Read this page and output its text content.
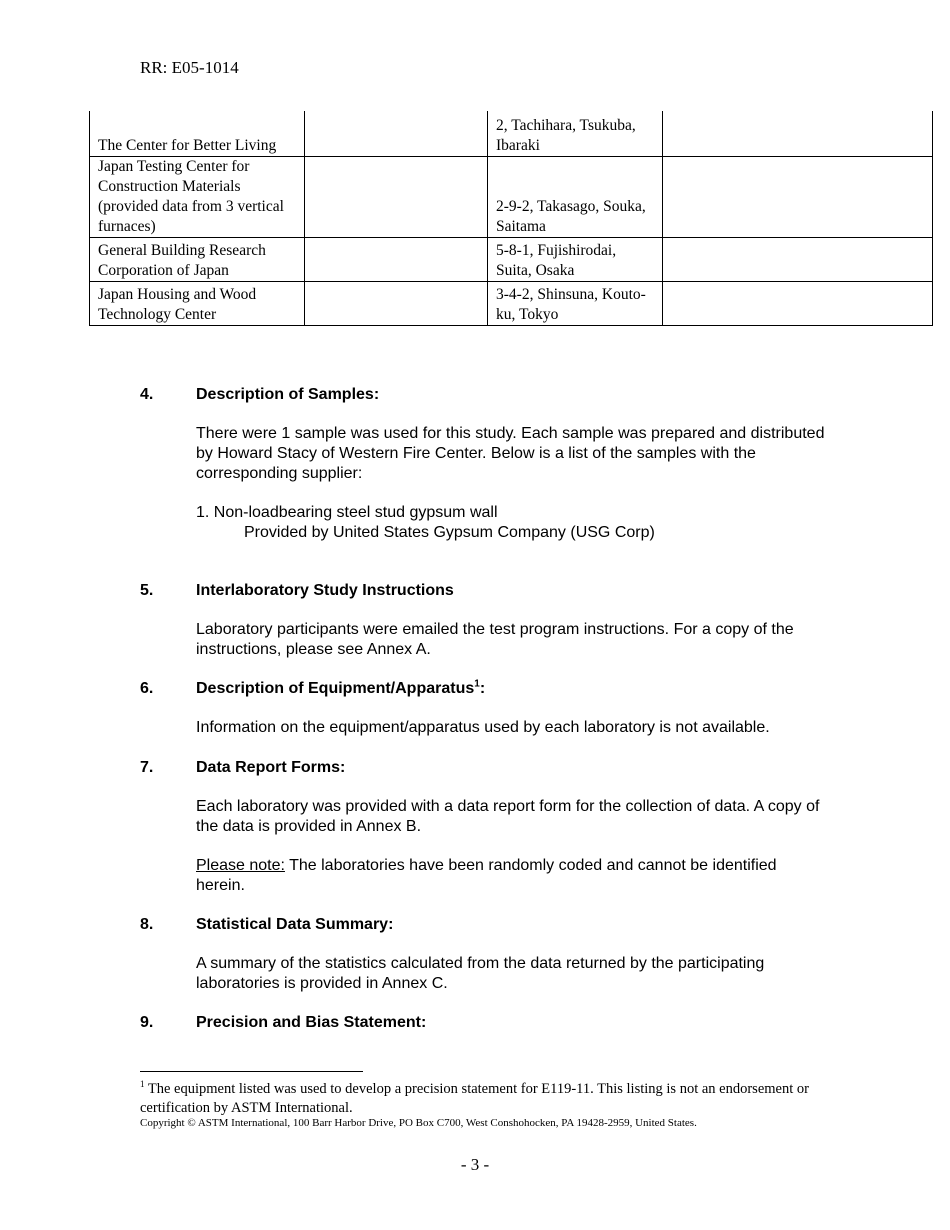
RR: E05-1014
The Center for Better Living		2, Tachihara, Tsukuba, Ibaraki	
Japan Testing Center for Construction Materials (provided data from 3 vertical furnaces)		2-9-2, Takasago, Souka, Saitama	
General Building Research Corporation of Japan		5-8-1, Fujishirodai, Suita, Osaka	
Japan Housing and Wood Technology Center		3-4-2, Shinsuna, Kouto-ku, Tokyo	
4.	Description of Samples:
There were 1 sample was used for this study. Each sample was prepared and distributed by Howard Stacy of Western Fire Center. Below is a list of the samples with the corresponding supplier:
1. Non-loadbearing steel stud gypsum wall
Provided by United States Gypsum Company (USG Corp)
5.	Interlaboratory Study Instructions
Laboratory participants were emailed the test program instructions. For a copy of the instructions, please see Annex A.
6.	Description of Equipment/Apparatus$^1$:
Information on the equipment/apparatus used by each laboratory is not available.
7.	Data Report Forms:
Each laboratory was provided with a data report form for the collection of data. A copy of the data is provided in Annex B.
Please note: The laboratories have been randomly coded and cannot be identified herein.
8.	Statistical Data Summary:
A summary of the statistics calculated from the data returned by the participating laboratories is provided in Annex C.
9.	Precision and Bias Statement:
$^1$ The equipment listed was used to develop a precision statement for E119-11. This listing is not an endorsement or certification by ASTM International.
Copyright © ASTM International, 100 Barr Harbor Drive, PO Box C700, West Conshohocken, PA 19428-2959, United States.
- 3 -
